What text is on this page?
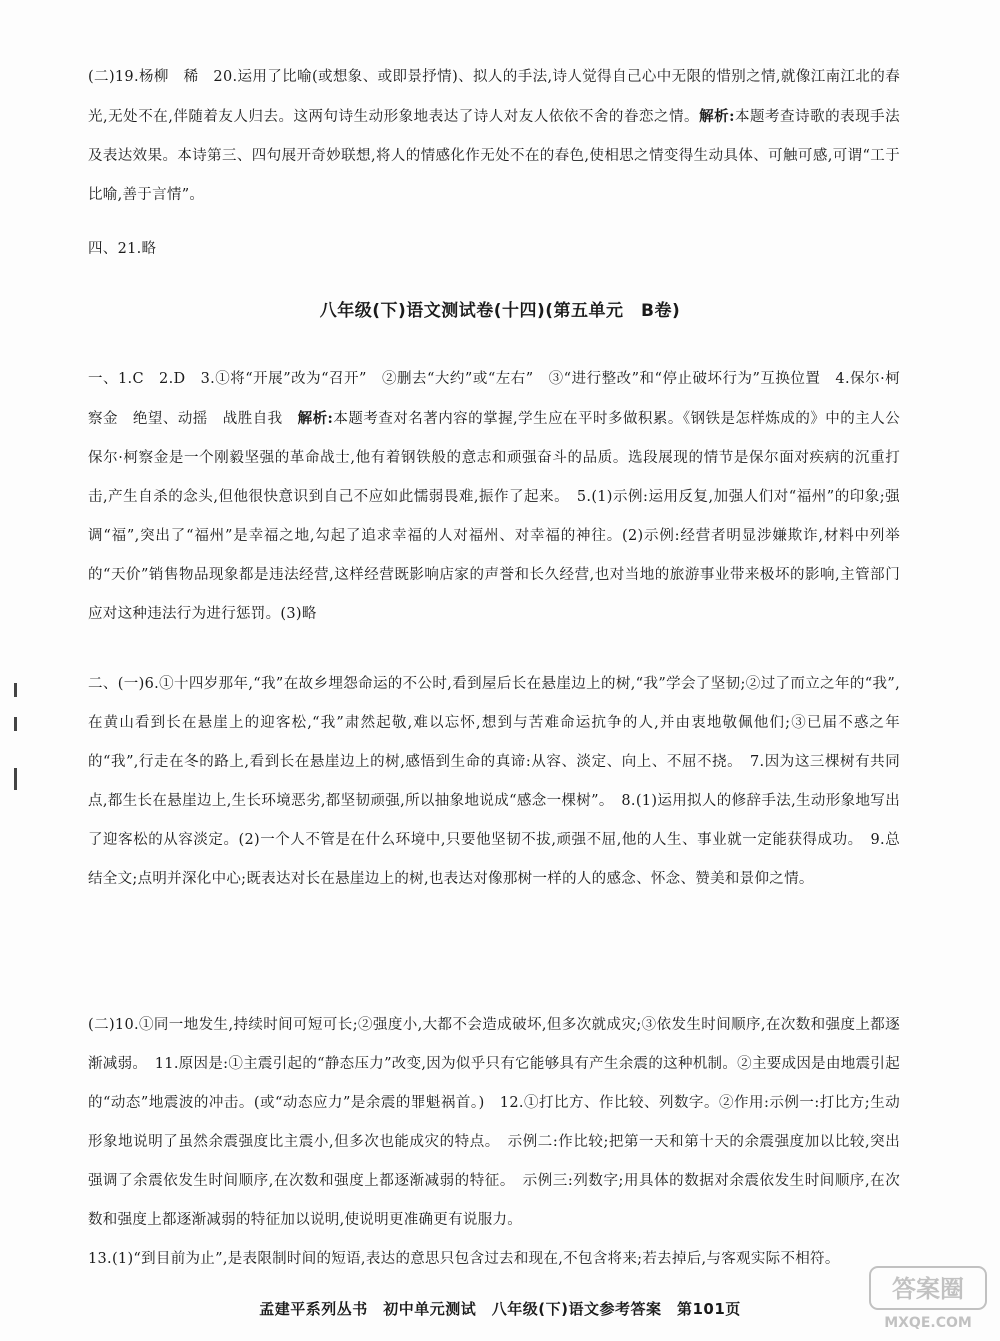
(二)19.杨柳　稀　20.运用了比喻(或想象、或即景抒情)、拟人的手法,诗人觉得自己心中无限的惜别之情,就像江南江北的春光,无处不在,伴随着友人归去。这两句诗生动形象地表达了诗人对友人依依不舍的眷恋之情。解析:本题考查诗歌的表现手法及表达效果。本诗第三、四句展开奇妙联想,将人的情感化作无处不在的春色,使相思之情变得生动具体、可触可感,可谓“工于比喻,善于言情”。
四、21.略
八年级(下)语文测试卷(十四)(第五单元　B卷)
一、1.C　2.D　3.①将“开展”改为“召开”　②删去“大约”或“左右”　③“进行整改”和“停止破坏行为”互换位置　4.保尔·柯察金　绝望、动摇　战胜自我　解析:本题考查对名著内容的掌握,学生应在平时多做积累。《钢铁是怎样炼成的》中的主人公保尔·柯察金是一个刚毅坚强的革命战士,他有着钢铁般的意志和顽强奋斗的品质。选段展现的情节是保尔面对疾病的沉重打击,产生自杀的念头,但他很快意识到自己不应如此懦弱畏难,振作了起来。　5.(1)示例:运用反复,加强人们对“福州”的印象;强调“福”,突出了“福州”是幸福之地,勾起了追求幸福的人对福州、对幸福的神往。(2)示例:经营者明显涉嫌欺诈,材料中列举的“天价”销售物品现象都是违法经营,这样经营既影响店家的声誉和长久经营,也对当地的旅游事业带来极坏的影响,主管部门应对这种违法行为进行惩罚。(3)略
二、(一)6.①十四岁那年,“我”在故乡埋怨命运的不公时,看到屋后长在悬崖边上的树,“我”学会了坚韧;②过了而立之年的“我”,在黄山看到长在悬崖上的迎客松,“我”肃然起敬,难以忘怀,想到与苦难命运抗争的人,并由衷地敬佩他们;③已届不惑之年的“我”,行走在冬的路上,看到长在悬崖边上的树,感悟到生命的真谛:从容、淡定、向上、不屈不挠。　7.因为这三棵树有共同点,都生长在悬崖边上,生长环境恶劣,都坚韧顽强,所以抽象地说成“感念一棵树”。　8.(1)运用拟人的修辞手法,生动形象地写出了迎客松的从容淡定。(2)一个人不管是在什么环境中,只要他坚韧不拔,顽强不屈,他的人生、事业就一定能获得成功。　9.总结全文;点明并深化中心;既表达对长在悬崖边上的树,也表达对像那树一样的人的感念、怀念、赞美和景仰之情。
(二)10.①同一地发生,持续时间可短可长;②强度小,大都不会造成破坏,但多次就成灾;③依发生时间顺序,在次数和强度上都逐渐减弱。　11.原因是:①主震引起的“静态压力”改变,因为似乎只有它能够具有产生余震的这种机制。②主要成因是由地震引起的“动态”地震波的冲击。(或“动态应力”是余震的罪魁祸首。)　12.①打比方、作比较、列数字。②作用:示例一:打比方;生动形象地说明了虽然余震强度比主震小,但多次也能成灾的特点。　示例二:作比较;把第一天和第十天的余震强度加以比较,突出强调了余震依发生时间顺序,在次数和强度上都逐渐减弱的特征。　示例三:列数字;用具体的数据对余震依发生时间顺序,在次数和强度上都逐渐减弱的特征加以说明,使说明更准确更有说服力。
13.(1)“到目前为止”,是表限制时间的短语,表达的意思只包含过去和现在,不包含将来;若去掉后,与客观实际不相符。
孟建平系列丛书　初中单元测试　八年级(下)语文参考答案　第101页
答案圈
MXQE.COM
